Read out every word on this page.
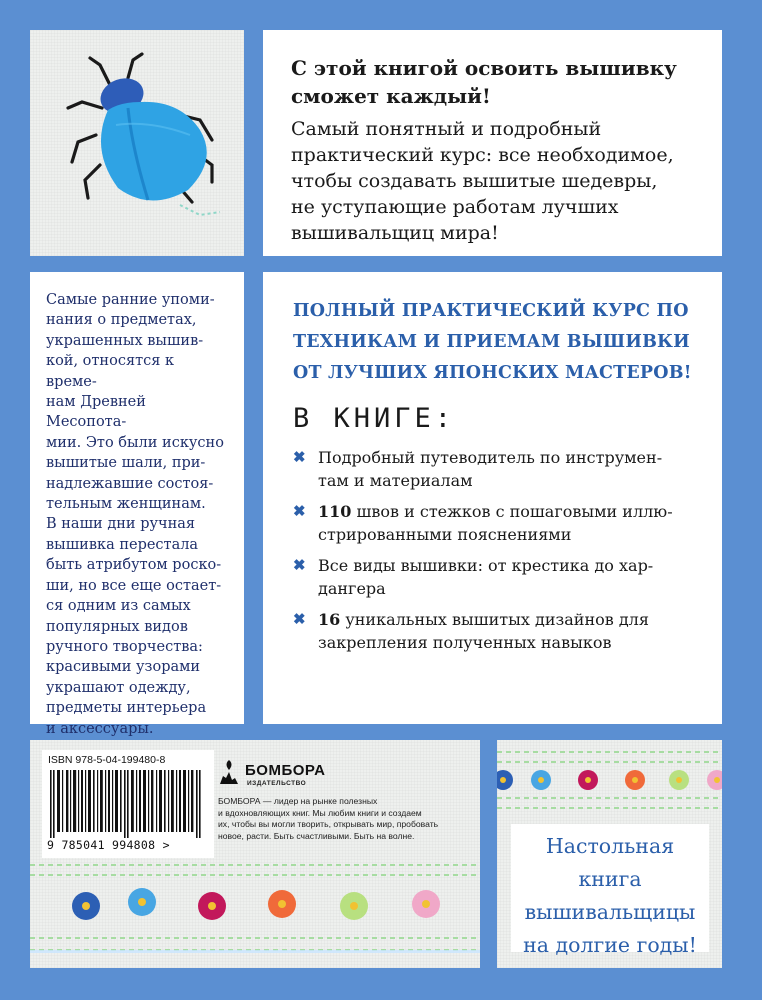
С этой книгой освоить вышивку
сможет каждый!

Самый понятный и подробный
практический курс: все необходимое,
чтобы создавать вышитые шедевры,
не уступающие работам лучших
вышивальщиц мира!

Самые ранние упоми-
нания о предметах,
украшенных вышив-
кой, относятся к време-
нам Древней Месопота-
мии. Это были искусно
вышитые шали, при-
надлежавшие состоя-
тельным женщинам.
В наши дни ручная
вышивка перестала
быть атрибутом роско-
ши, но все еще остает-
ся одним из самых
популярных видов
ручного творчества:
красивыми узорами
украшают одежду,
предметы интерьера
и аксессуары.

ПОЛНЫЙ ПРАКТИЧЕСКИЙ КУРС ПО
ТЕХНИКАМ И ПРИЕМАМ ВЫШИВКИ
ОТ ЛУЧШИХ ЯПОНСКИХ МАСТЕРОВ!

В КНИГЕ:

✖ Подробный путеводитель по инструмен-
там и материалам
✖ 110 швов и стежков с пошаговыми иллю-
стрированными пояснениями
✖ Все виды вышивки: от крестика до хар-
дангера
✖ 16 уникальных вышитых дизайнов для
закрепления полученных навыков
ISBN 978-5-04-199480-8
9 785041 994808 >
БОМБОРА
ИЗДАТЕЛЬСТВО
БОМБОРА — лидер на рынке полезных
и вдохновляющих книг. Мы любим книги и создаем
их, чтобы вы могли творить, открывать мир, пробовать
новое, расти. Быть счастливыми. Быть на волне.	Настольная
книга
вышивальщицы
на долгие годы!
